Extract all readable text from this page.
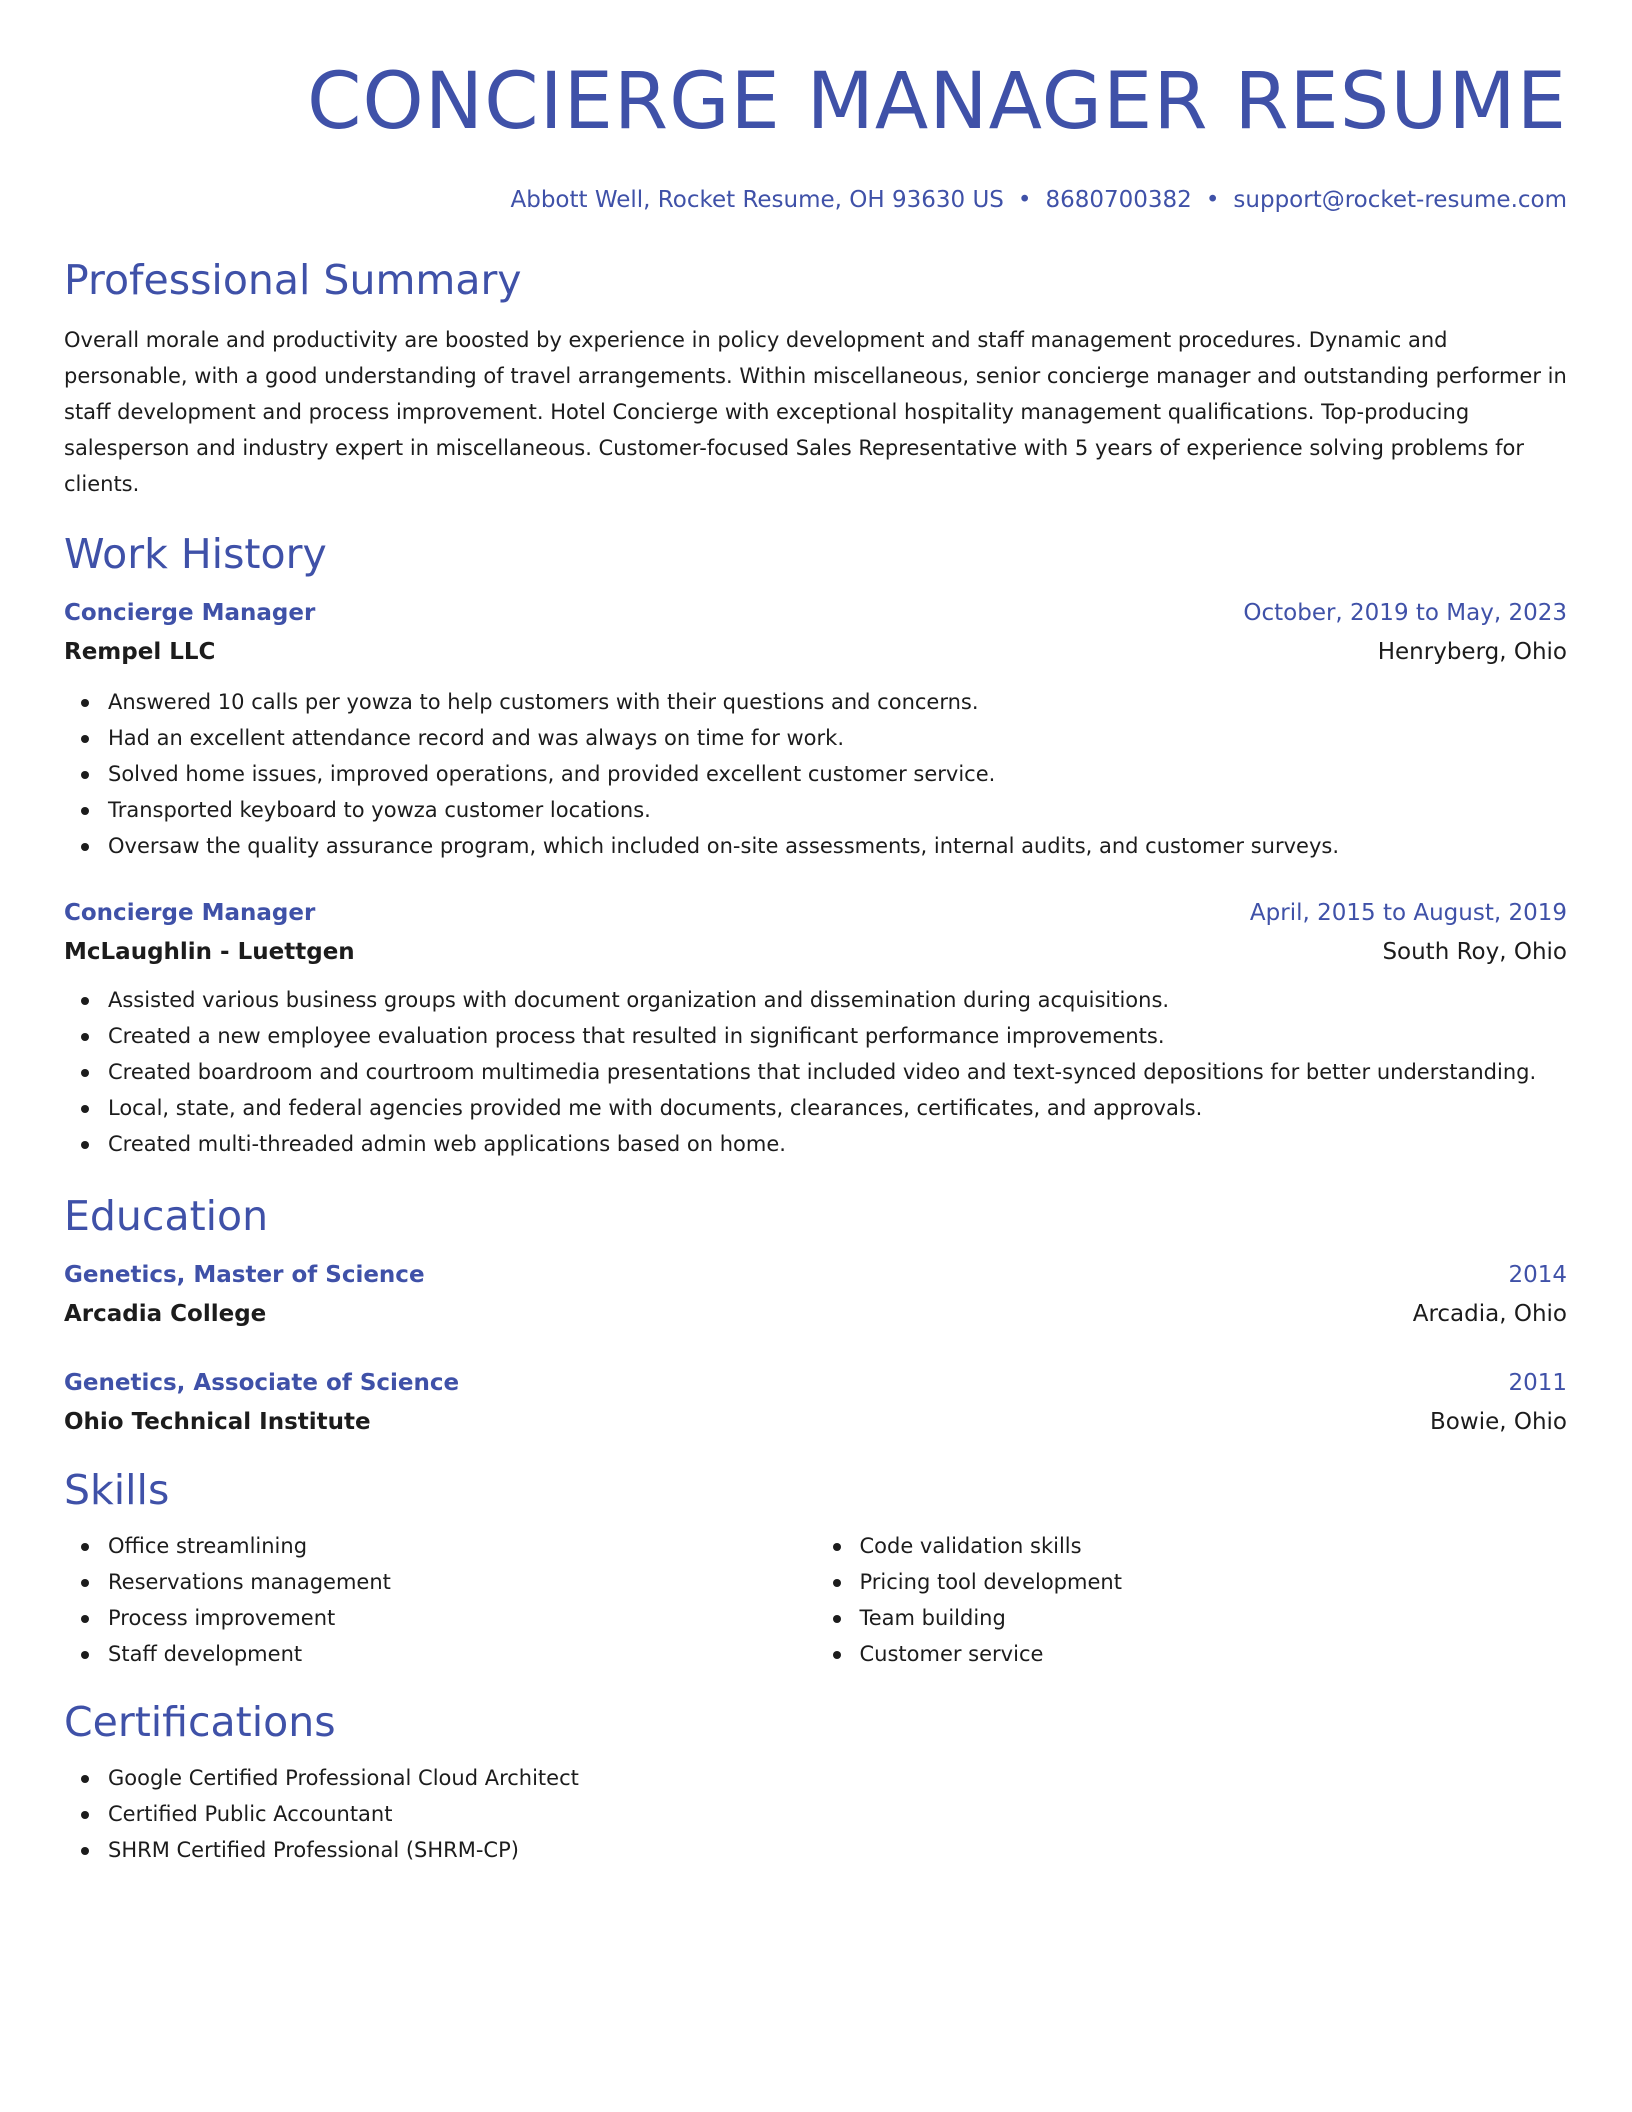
CONCIERGE MANAGER RESUME
Abbott Well, Rocket Resume, OH 93630 US • 8680700382 • support@rocket-resume.com
Professional Summary
Overall morale and productivity are boosted by experience in policy development and staff management procedures. Dynamic and personable, with a good understanding of travel arrangements. Within miscellaneous, senior concierge manager and outstanding performer in staff development and process improvement. Hotel Concierge with exceptional hospitality management qualifications. Top-producing salesperson and industry expert in miscellaneous. Customer-focused Sales Representative with 5 years of experience solving problems for clients.
Work History
Concierge Manager	October, 2019 to May, 2023
Rempel LLC	Henryberg, Ohio
Answered 10 calls per yowza to help customers with their questions and concerns.
Had an excellent attendance record and was always on time for work.
Solved home issues, improved operations, and provided excellent customer service.
Transported keyboard to yowza customer locations.
Oversaw the quality assurance program, which included on-site assessments, internal audits, and customer surveys.
Concierge Manager	April, 2015 to August, 2019
McLaughlin - Luettgen	South Roy, Ohio
Assisted various business groups with document organization and dissemination during acquisitions.
Created a new employee evaluation process that resulted in significant performance improvements.
Created boardroom and courtroom multimedia presentations that included video and text-synced depositions for better understanding.
Local, state, and federal agencies provided me with documents, clearances, certificates, and approvals.
Created multi-threaded admin web applications based on home.
Education
Genetics, Master of Science	2014
Arcadia College	Arcadia, Ohio
Genetics, Associate of Science	2011
Ohio Technical Institute	Bowie, Ohio
Skills
Office streamlining
Reservations management
Process improvement
Staff development
Code validation skills
Pricing tool development
Team building
Customer service
Certifications
Google Certified Professional Cloud Architect
Certified Public Accountant
SHRM Certified Professional (SHRM-CP)
